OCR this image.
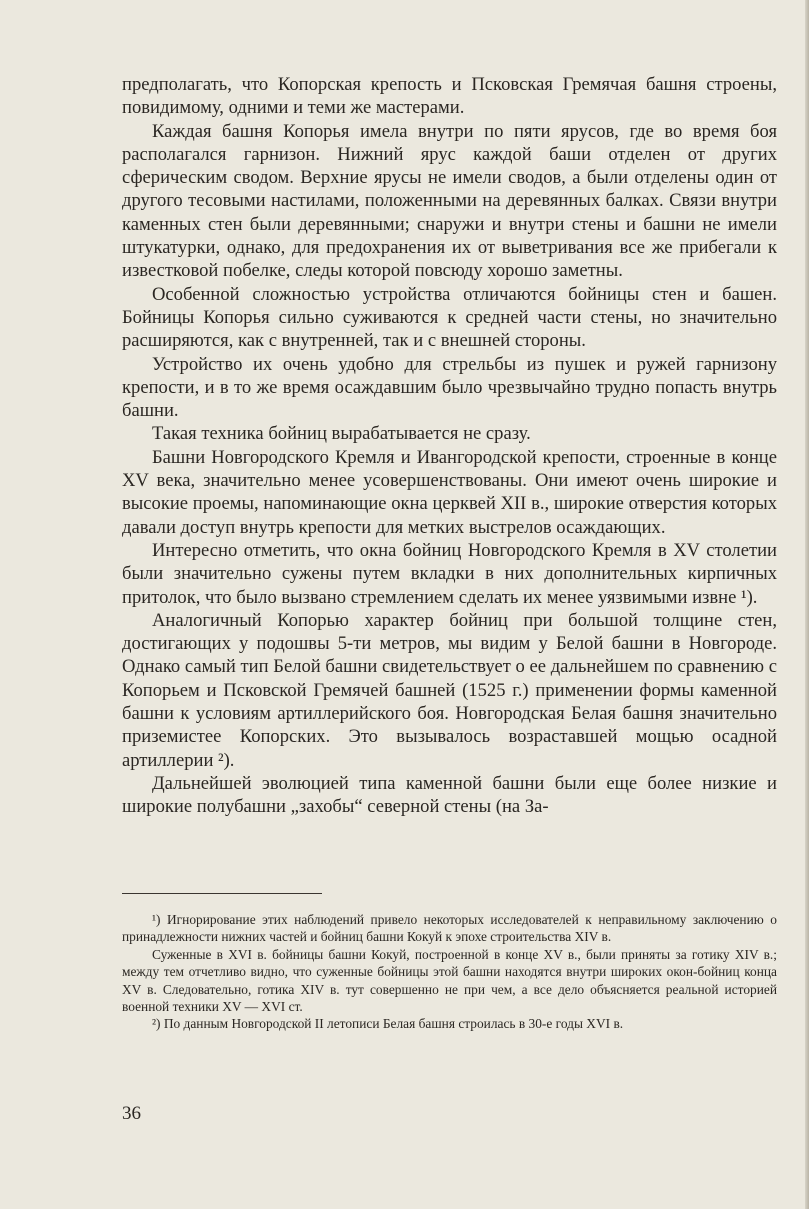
предполагать, что Копорская крепость и Псковская Гремячая башня строены, повидимому, одними и теми же мастерами.

Каждая башня Копорья имела внутри по пяти ярусов, где во время боя располагался гарнизон. Нижний ярус каждой баши отделен от других сферическим сводом. Верхние ярусы не имели сводов, а были отделены один от другого тесовыми настилами, положенными на деревянных балках. Связи внутри каменных стен были деревянными; снаружи и внутри стены и башни не имели штукатурки, однако, для предохранения их от выветривания все же прибегали к известковой побелке, следы которой повсюду хорошо заметны.

Особенной сложностью устройства отличаются бойницы стен и башен. Бойницы Копорья сильно суживаются к средней части стены, но значительно расширяются, как с внутренней, так и с внешней стороны.

Устройство их очень удобно для стрельбы из пушек и ружей гарнизону крепости, и в то же время осаждавшим было чрезвычайно трудно попасть внутрь башни.

Такая техника бойниц вырабатывается не сразу.

Башни Новгородского Кремля и Ивангородской крепости, строенные в конце XV века, значительно менее усовершенствованы. Они имеют очень широкие и высокие проемы, напоминающие окна церквей XII в., широкие отверстия которых давали доступ внутрь крепости для метких выстрелов осаждающих.

Интересно отметить, что окна бойниц Новгородского Кремля в XV столетии были значительно сужены путем вкладки в них дополнительных кирпичных притолок, что было вызвано стремлением сделать их менее уязвимыми извне ¹).

Аналогичный Копорью характер бойниц при большой толщине стен, достигающих у подошвы 5-ти метров, мы видим у Белой башни в Новгороде. Однако самый тип Белой башни свидетельствует о ее дальнейшем по сравнению с Копорьем и Псковской Гремячей башней (1525 г.) применении формы каменной башни к условиям артиллерийского боя. Новгородская Белая башня значительно приземистее Копорских. Это вызывалось возраставшей мощью осадной артиллерии ²).

Дальнейшей эволюцией типа каменной башни были еще более низкие и широкие полубашни „захобы“ северной стены (на За-

¹) Игнорирование этих наблюдений привело некоторых исследователей к неправильному заключению о принадлежности нижних частей и бойниц башни Кокуй к эпохе строительства XIV в.

Суженные в XVI в. бойницы башни Кокуй, построенной в конце XV в., были приняты за готику XIV в.; между тем отчетливо видно, что суженные бойницы этой башни находятся внутри широких окон-бойниц конца XV в. Следовательно, готика XIV в. тут совершенно не при чем, а все дело объясняется реальной историей военной техники XV — XVI ст.

²) По данным Новгородской II летописи Белая башня строилась в 30-е годы XVI в.

36
